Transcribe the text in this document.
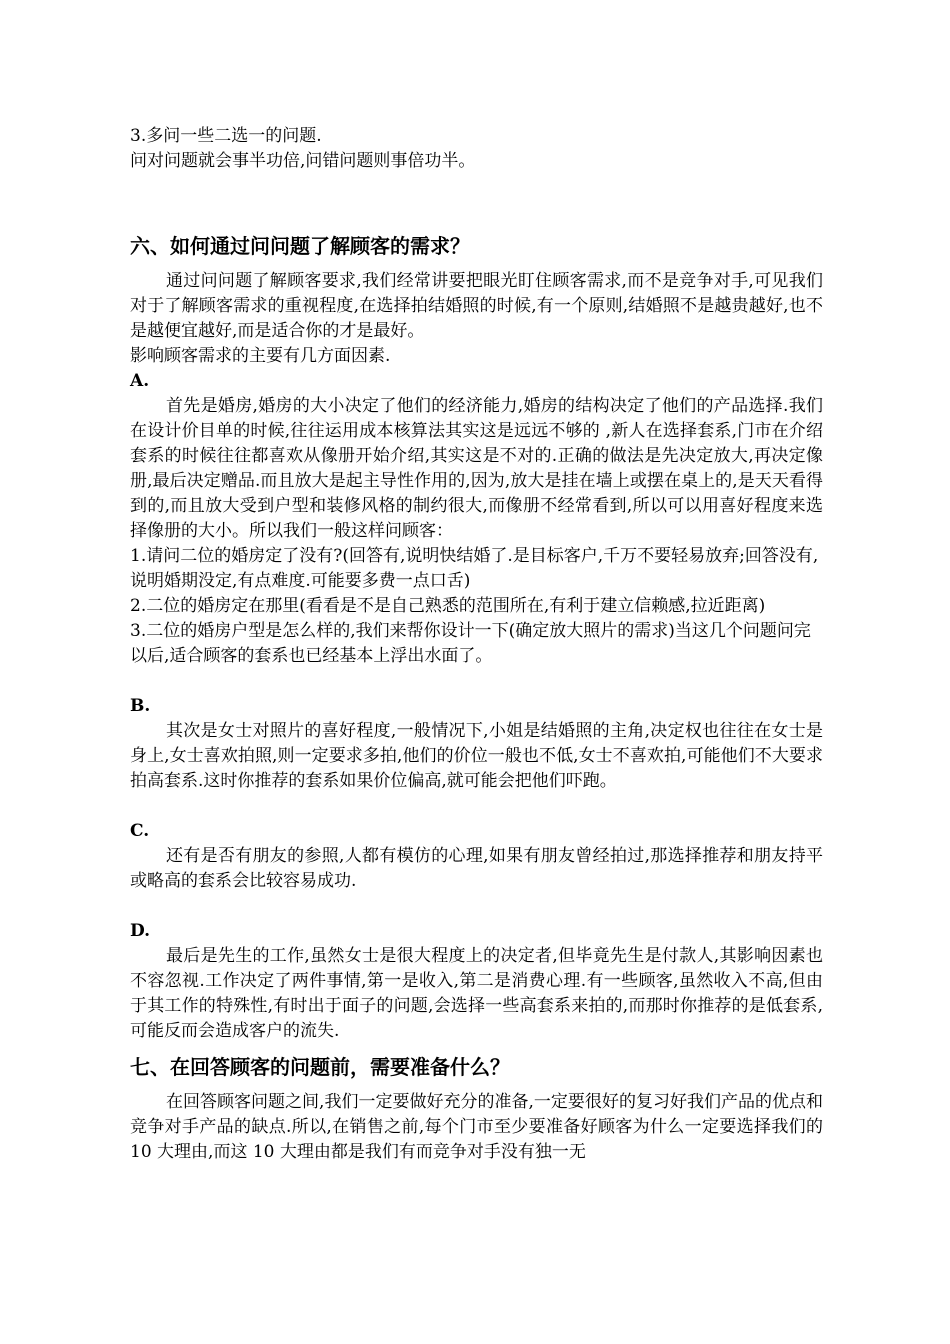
3.多问一些二选一的问题.

问对问题就会事半功倍,问错问题则事倍功半。

六、如何通过问问题了解顾客的需求？

通过问问题了解顾客要求,我们经常讲要把眼光盯住顾客需求,而不是竞争对手,可见我们对于了解顾客需求的重视程度,在选择拍结婚照的时候,有一个原则,结婚照不是越贵越好,也不是越便宜越好,而是适合你的才是最好。

影响顾客需求的主要有几方面因素.

A.

首先是婚房,婚房的大小决定了他们的经济能力,婚房的结构决定了他们的产品选择.我们在设计价目单的时候,往往运用成本核算法其实这是远远不够的 ,新人在选择套系,门市在介绍套系的时候往往都喜欢从像册开始介绍,其实这是不对的.正确的做法是先决定放大,再决定像册,最后决定赠品.而且放大是起主导性作用的,因为,放大是挂在墙上或摆在桌上的,是天天看得到的,而且放大受到户型和装修风格的制约很大,而像册不经常看到,所以可以用喜好程度来选择像册的大小。所以我们一般这样问顾客：

1.请问二位的婚房定了没有?(回答有,说明快结婚了.是目标客户,千万不要轻易放弃;回答没有,说明婚期没定,有点难度.可能要多费一点口舌)

2.二位的婚房定在那里(看看是不是自己熟悉的范围所在,有利于建立信赖感,拉近距离)

3.二位的婚房户型是怎么样的,我们来帮你设计一下(确定放大照片的需求)当这几个问题问完以后,适合顾客的套系也已经基本上浮出水面了。

B.

其次是女士对照片的喜好程度,一般情况下,小姐是结婚照的主角,决定权也往往在女士是身上,女士喜欢拍照,则一定要求多拍,他们的价位一般也不低,女士不喜欢拍,可能他们不大要求拍高套系.这时你推荐的套系如果价位偏高,就可能会把他们吓跑。

C.

还有是否有朋友的参照,人都有模仿的心理,如果有朋友曾经拍过,那选择推荐和朋友持平或略高的套系会比较容易成功.

D.

最后是先生的工作,虽然女士是很大程度上的决定者,但毕竟先生是付款人,其影响因素也不容忽视.工作决定了两件事情,第一是收入,第二是消费心理.有一些顾客,虽然收入不高,但由于其工作的特殊性,有时出于面子的问题,会选择一些高套系来拍的,而那时你推荐的是低套系,可能反而会造成客户的流失.

七、在回答顾客的问题前，需要准备什么？

在回答顾客问题之间,我们一定要做好充分的准备,一定要很好的复习好我们产品的优点和竞争对手产品的缺点.所以,在销售之前,每个门市至少要准备好顾客为什么一定要选择我们的 10 大理由,而这 10 大理由都是我们有而竞争对手没有独一无
